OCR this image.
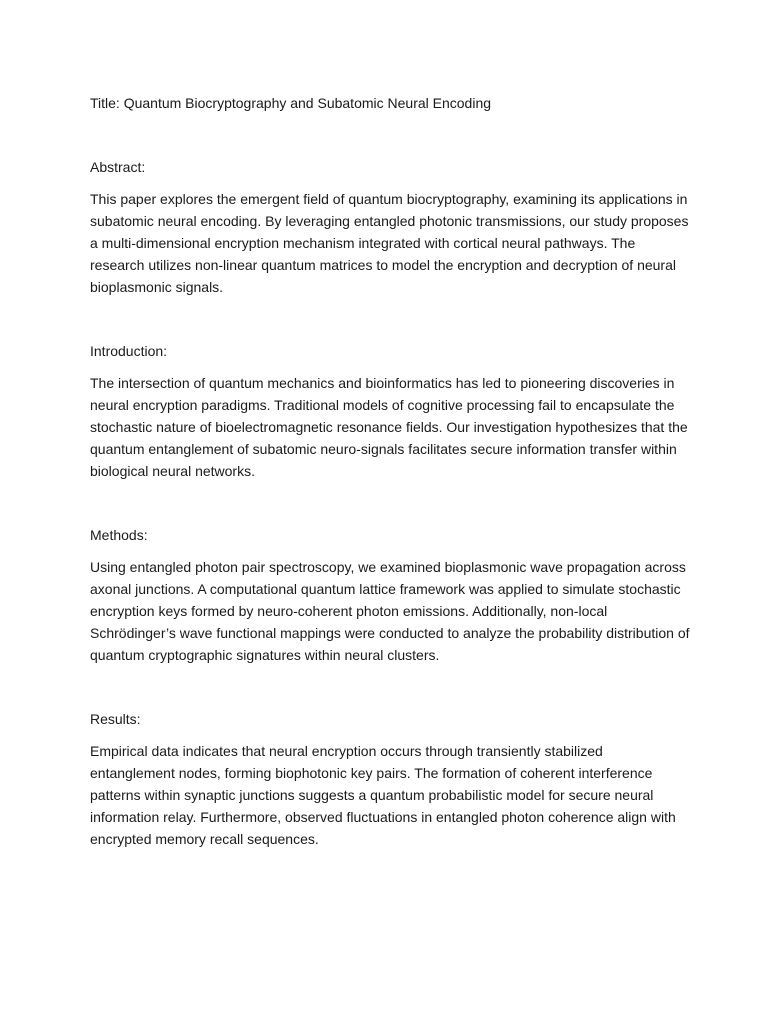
Title: Quantum Biocryptography and Subatomic Neural Encoding

Abstract:

This paper explores the emergent field of quantum biocryptography, examining its applications in subatomic neural encoding. By leveraging entangled photonic transmissions, our study proposes a multi-dimensional encryption mechanism integrated with cortical neural pathways. The research utilizes non-linear quantum matrices to model the encryption and decryption of neural bioplasmonic signals.

Introduction:

The intersection of quantum mechanics and bioinformatics has led to pioneering discoveries in neural encryption paradigms. Traditional models of cognitive processing fail to encapsulate the stochastic nature of bioelectromagnetic resonance fields. Our investigation hypothesizes that the quantum entanglement of subatomic neuro-signals facilitates secure information transfer within biological neural networks.

Methods:

Using entangled photon pair spectroscopy, we examined bioplasmonic wave propagation across axonal junctions. A computational quantum lattice framework was applied to simulate stochastic encryption keys formed by neuro-coherent photon emissions. Additionally, non-local Schrödinger’s wave functional mappings were conducted to analyze the probability distribution of quantum cryptographic signatures within neural clusters.

Results:

Empirical data indicates that neural encryption occurs through transiently stabilized entanglement nodes, forming biophotonic key pairs. The formation of coherent interference patterns within synaptic junctions suggests a quantum probabilistic model for secure neural information relay. Furthermore, observed fluctuations in entangled photon coherence align with encrypted memory recall sequences.
